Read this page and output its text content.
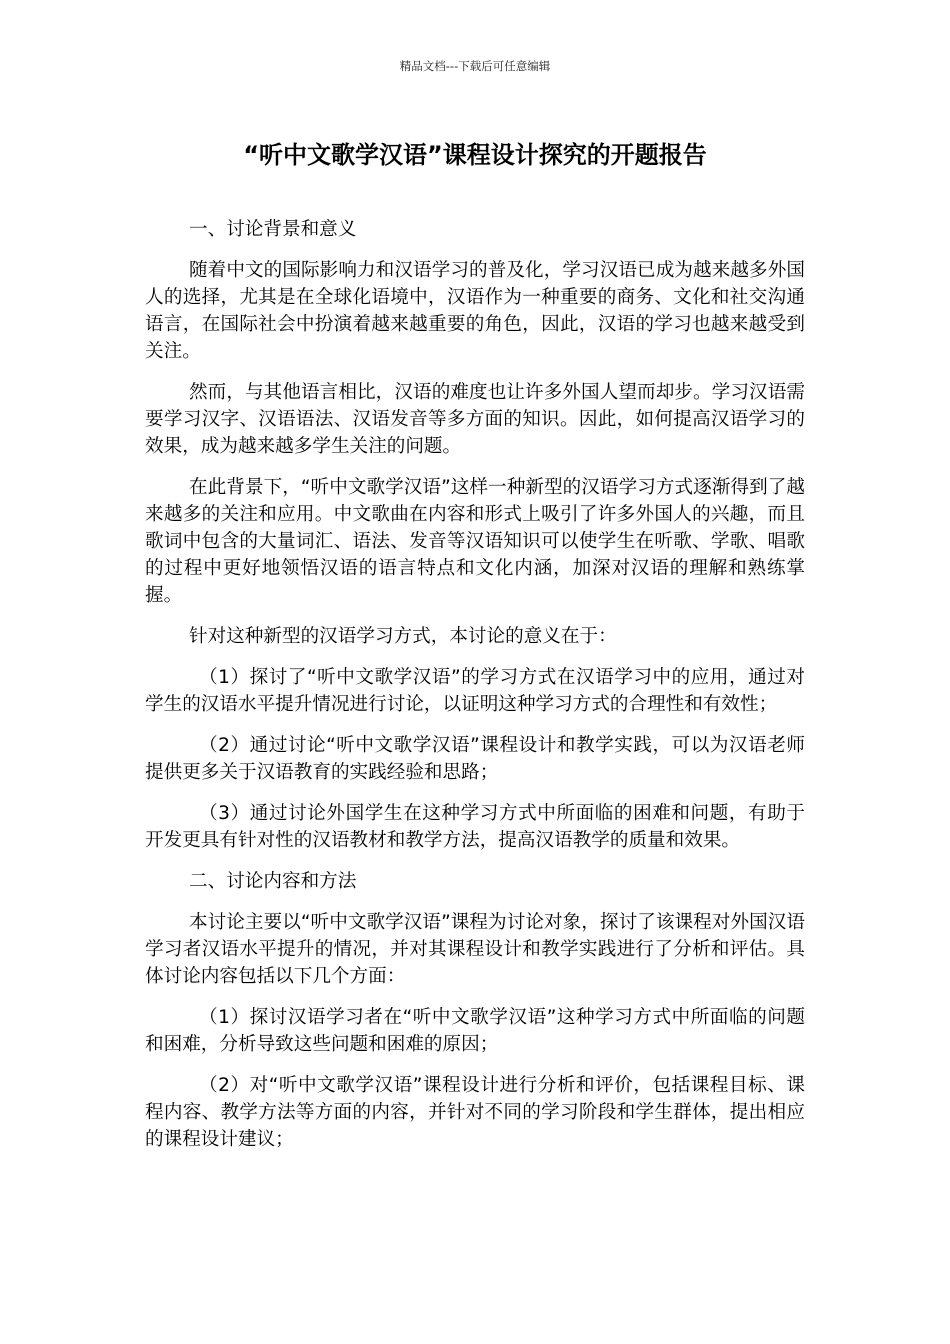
精品文档---下载后可任意编辑
“听中文歌学汉语”课程设计探究的开题报告

一、讨论背景和意义

随着中文的国际影响力和汉语学习的普及化，学习汉语已成为越来越多外国人的选择，尤其是在全球化语境中，汉语作为一种重要的商务、文化和社交沟通语言，在国际社会中扮演着越来越重要的角色，因此，汉语的学习也越来越受到关注。

然而，与其他语言相比，汉语的难度也让许多外国人望而却步。学习汉语需要学习汉字、汉语语法、汉语发音等多方面的知识。因此，如何提高汉语学习的效果，成为越来越多学生关注的问题。

在此背景下，“听中文歌学汉语”这样一种新型的汉语学习方式逐渐得到了越来越多的关注和应用。中文歌曲在内容和形式上吸引了许多外国人的兴趣，而且歌词中包含的大量词汇、语法、发音等汉语知识可以使学生在听歌、学歌、唱歌的过程中更好地领悟汉语的语言特点和文化内涵，加深对汉语的理解和熟练掌握。

针对这种新型的汉语学习方式，本讨论的意义在于：

（1）探讨了“听中文歌学汉语”的学习方式在汉语学习中的应用，通过对学生的汉语水平提升情况进行讨论，以证明这种学习方式的合理性和有效性；

（2）通过讨论“听中文歌学汉语”课程设计和教学实践，可以为汉语老师提供更多关于汉语教育的实践经验和思路；

（3）通过讨论外国学生在这种学习方式中所面临的困难和问题，有助于开发更具有针对性的汉语教材和教学方法，提高汉语教学的质量和效果。

二、讨论内容和方法

本讨论主要以“听中文歌学汉语”课程为讨论对象，探讨了该课程对外国汉语学习者汉语水平提升的情况，并对其课程设计和教学实践进行了分析和评估。具体讨论内容包括以下几个方面：

（1）探讨汉语学习者在“听中文歌学汉语”这种学习方式中所面临的问题和困难，分析导致这些问题和困难的原因；

（2）对“听中文歌学汉语”课程设计进行分析和评价，包括课程目标、课程内容、教学方法等方面的内容，并针对不同的学习阶段和学生群体，提出相应的课程设计建议；
